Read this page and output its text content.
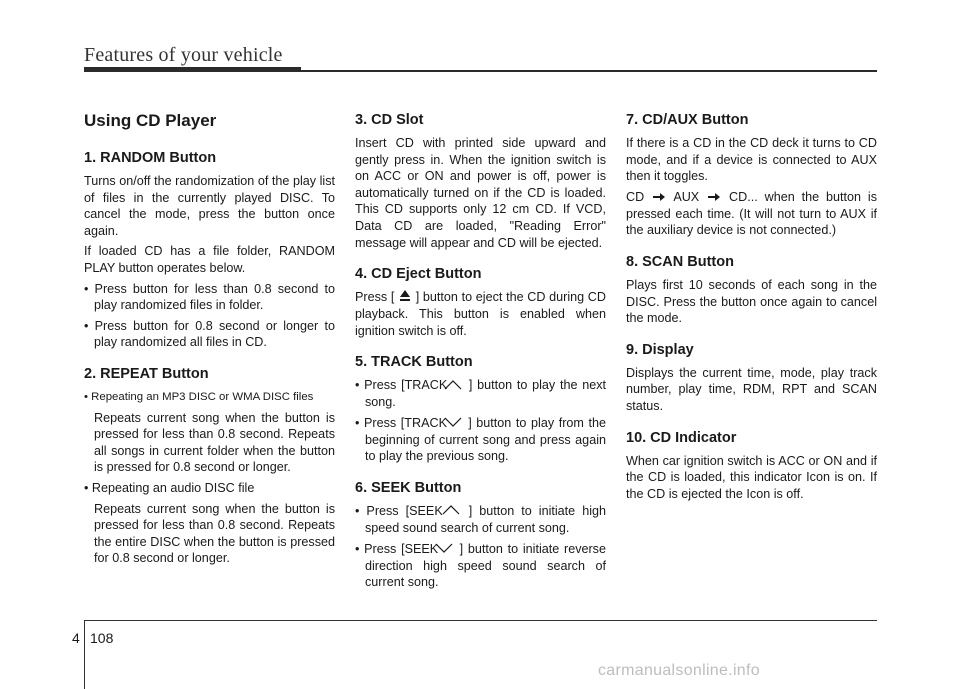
Features of your vehicle
Using CD Player
1. RANDOM Button

Turns on/off the randomization of the play list of files in the currently played DISC. To cancel the mode, press the button once again.

If loaded CD has a file folder, RANDOM PLAY button operates below.

• Press button for less than 0.8 second to play randomized files in folder.
• Press button for 0.8 second or longer to play randomized all files in CD.
2. REPEAT Button
• Repeating an MP3 DISC or WMA DISC files
Repeats current song when the button is pressed for less than 0.8 second. Repeats all songs in current folder when the button is pressed for 0.8 second or longer.
• Repeating an audio DISC file
Repeats current song when the button is pressed for less than 0.8 second. Repeats the entire DISC when the button is pressed for 0.8 second or longer.
3. CD Slot

Insert CD with printed side upward and gently press in. When the ignition switch is on ACC or ON and power is off, power is automatically turned on if the CD is loaded. This CD supports only 12 cm CD. If VCD, Data CD are loaded, "Reading Error" message will appear and CD will be ejected.

4. CD Eject Button

Press [ ] button to eject the CD during CD playback. This button is enabled when ignition switch is off.

5. TRACK Button
• Press [TRACK ] button to play the next song.
• Press [TRACK ] button to play from the beginning of current song and press again to play the previous song.
6. SEEK Button
• Press [SEEK ] button to initiate high speed sound search of current song.
• Press [SEEK ] button to initiate reverse direction high speed sound search of current song.
7. CD/AUX Button

If there is a CD in the CD deck it turns to CD mode, and if a device is connected to AUX then it toggles.

CD AUX CD... when the button is pressed each time. (It will not turn to AUX if the auxiliary device is not connected.)

8. SCAN Button

Plays first 10 seconds of each song in the DISC. Press the button once again to cancel the mode.

9. Display

Displays the current time, mode, play track number, play time, RDM, RPT and SCAN status.

10. CD Indicator

When car ignition switch is ACC or ON and if the CD is loaded, this indicator Icon is on. If the CD is ejected the Icon is off.

4 108
carmanualsonline.info
